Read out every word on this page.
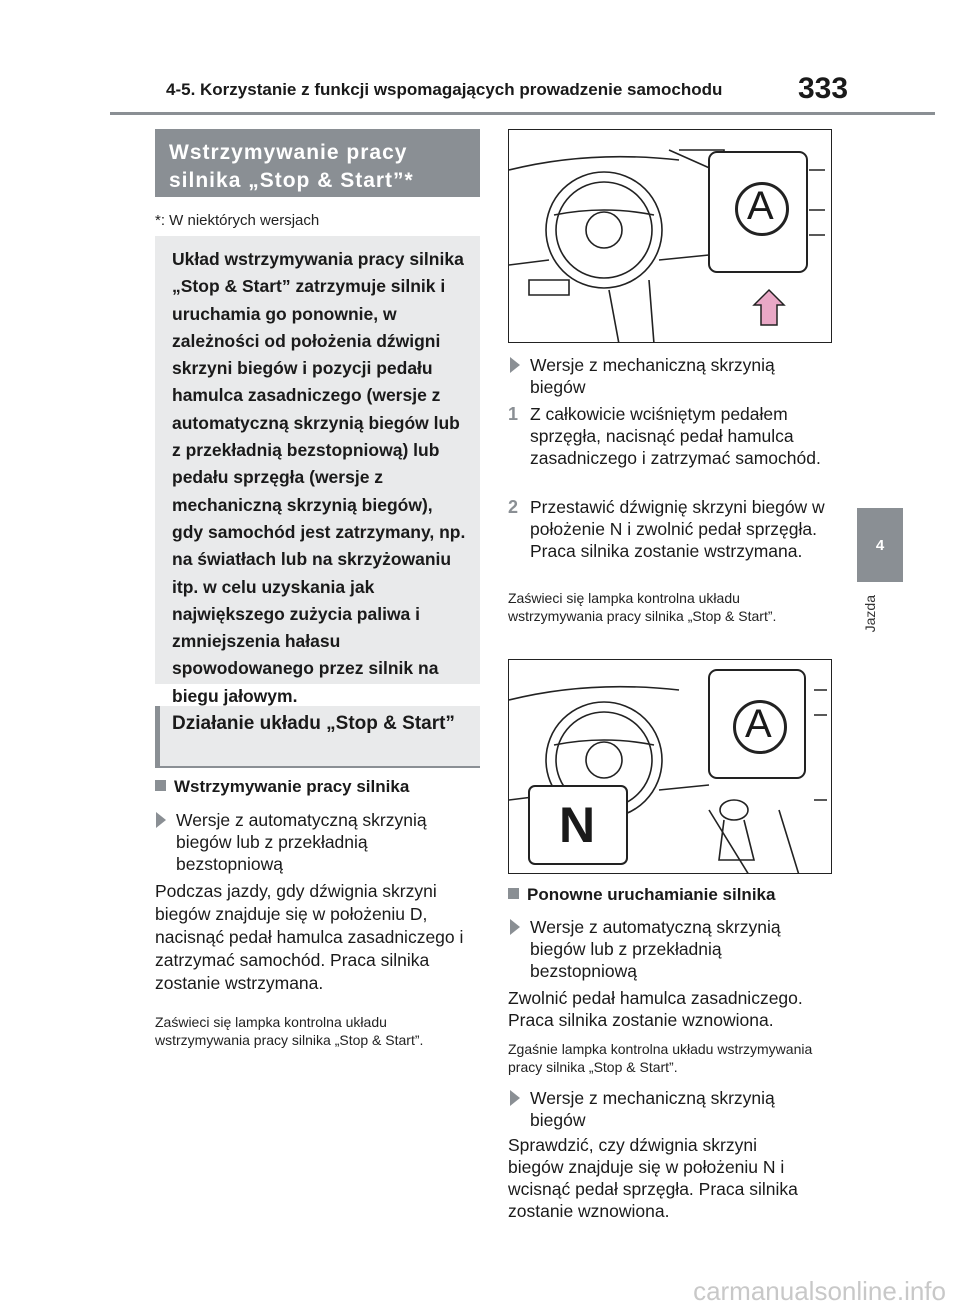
4-5. Korzystanie z funkcji wspomagających prowadzenie samochodu	333
4
Jazda
Wstrzymywanie pracy silnika „Stop & Start”*
*: W niektórych wersjach
Układ wstrzymywania pracy silnika „Stop & Start” zatrzymuje silnik i uruchamia go ponownie, w zależności od położenia dźwigni skrzyni biegów i pozycji pedału hamulca zasadniczego (wersje z automatyczną skrzynią biegów lub z przekładnią bezstopniową) lub pedału sprzęgła (wersje z mechaniczną skrzynią biegów), gdy samochód jest zatrzymany, np. na światłach lub na skrzyżowaniu itp. w celu uzyskania jak największego zużycia paliwa i zmniejszenia hałasu spowodowanego przez silnik na biegu jałowym.
Działanie układu „Stop & Start”
Wstrzymywanie pracy silnika
Wersje z automatyczną skrzynią biegów lub z przekładnią bezstopniową
Podczas jazdy, gdy dźwignia skrzyni biegów znajduje się w położeniu D, nacisnąć pedał hamulca zasadniczego i zatrzymać samochód. Praca silnika zostanie wstrzymana.
Zaświeci się lampka kontrolna układu wstrzymywania pracy silnika „Stop & Start”.
A
Wersje z mechaniczną skrzynią biegów
1 Z całkowicie wciśniętym pedałem sprzęgła, nacisnąć pedał hamulca zasadniczego i zatrzymać samochód.
2 Przestawić dźwignię skrzyni biegów w położenie N i zwolnić pedał sprzęgła. Praca silnika zostanie wstrzymana.
Zaświeci się lampka kontrolna układu wstrzymywania pracy silnika „Stop & Start”.
A
N
Ponowne uruchamianie silnika
Wersje z automatyczną skrzynią biegów lub z przekładnią bezstopniową
Zwolnić pedał hamulca zasadniczego. Praca silnika zostanie wznowiona.
Zgaśnie lampka kontrolna układu wstrzymywania pracy silnika „Stop & Start”.
Wersje z mechaniczną skrzynią biegów
Sprawdzić, czy dźwignia skrzyni biegów znajduje się w położeniu N i wcisnąć pedał sprzęgła. Praca silnika zostanie wznowiona.
carmanualsonline.info
